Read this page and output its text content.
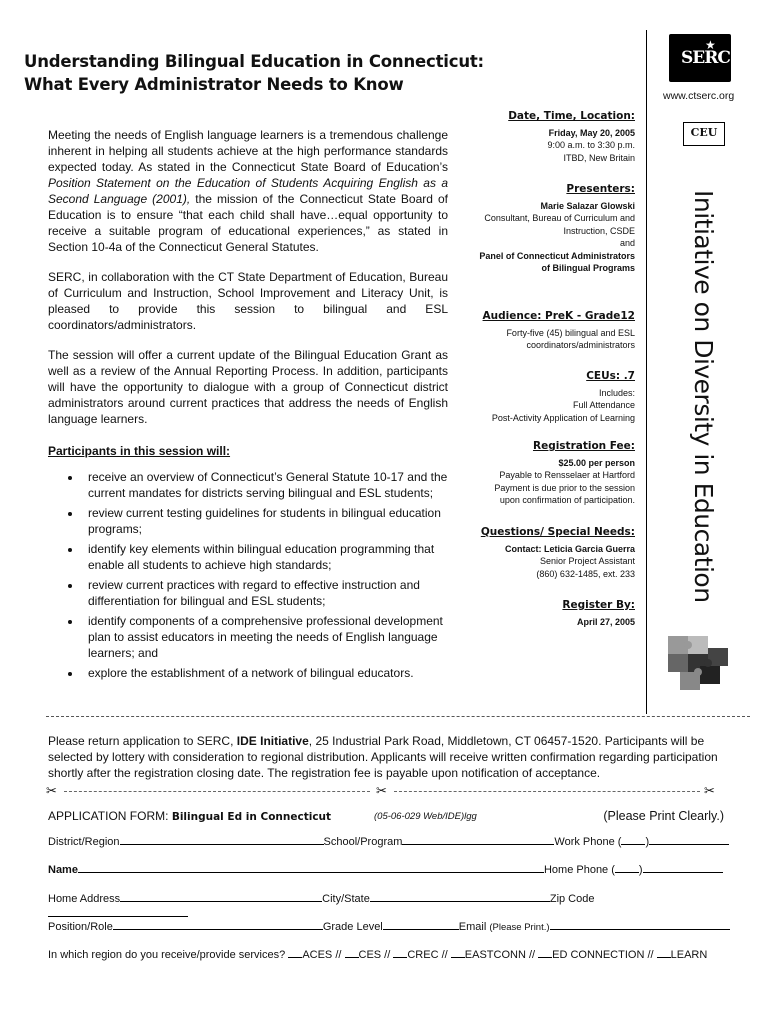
Understanding Bilingual Education in Connecticut:
What Every Administrator Needs to Know
★
SERC
www.ctserc.org
CEU
Initiative on Diversity in Education

Meeting the needs of English language learners is a tremendous challenge inherent in helping all students achieve at the high performance standards expected today. As stated in the Connecticut State Board of Education’s Position Statement on the Education of Students Acquiring English as a Second Language (2001), the mission of the Connecticut State Board of Education is to ensure “that each child shall have…equal opportunity to receive a suitable program of educational experiences,” as stated in Section 10-4a of the Connecticut General Statutes.

SERC, in collaboration with the CT State Department of Education, Bureau of Curriculum and Instruction, School Improvement and Literacy Unit, is pleased to provide this session to bilingual and ESL coordinators/administrators.

The session will offer a current update of the Bilingual Education Grant as well as a review of the Annual Reporting Process. In addition, participants will have the opportunity to dialogue with a group of Connecticut district administrators around current practices that address the needs of English language learners.

Participants in this session will:
• receive an overview of Connecticut’s General Statute 10-17 and the current mandates for districts serving bilingual and ESL students;
• review current testing guidelines for students in bilingual education programs;
• identify key elements within bilingual education programming that enable all students to achieve high standards;
• review current practices with regard to effective instruction and differentiation for bilingual and ESL students;
• identify components of a comprehensive professional development plan to assist educators in meeting the needs of English language learners; and
• explore the establishment of a network of bilingual educators.
Date, Time, Location:
Friday, May 20, 2005
9:00 a.m. to 3:30 p.m.
ITBD, New Britain
Presenters:
Marie Salazar Glowski
Consultant, Bureau of Curriculum and
Instruction, CSDE
and
Panel of Connecticut Administrators
of Bilingual Programs
Audience: PreK - Grade12
Forty-five (45) bilingual and ESL
coordinators/administrators
CEUs: .7
Includes:
Full Attendance
Post-Activity Application of Learning
Registration Fee:
$25.00 per person
Payable to Rensselaer at Hartford
Payment is due prior to the session
upon confirmation of participation.
Questions/ Special Needs:
Contact: Leticia Garcia Guerra
Senior Project Assistant
(860) 632-1485, ext. 233
Register By:
April 27, 2005
Please return application to SERC, IDE Initiative, 25 Industrial Park Road, Middletown, CT 06457-1520. Participants will be selected by lottery with consideration to regional distribution. Applicants will receive written confirmation regarding participation shortly after the registration closing date. The registration fee is payable upon notification of acceptance.
✂	✂	✂
APPLICATION FORM: Bilingual Ed in Connecticut	(05-06-029 Web/IDE)lgg	(Please Print Clearly.)
District/Region	School/Program	Work Phone ( )
Name	Home Phone ( )
Home Address	City/State	Zip Code
Position/Role	Grade Level	Email (Please Print.)
In which region do you receive/provide services? ACES // CES // CREC // EASTCONN // ED CONNECTION // LEARN
